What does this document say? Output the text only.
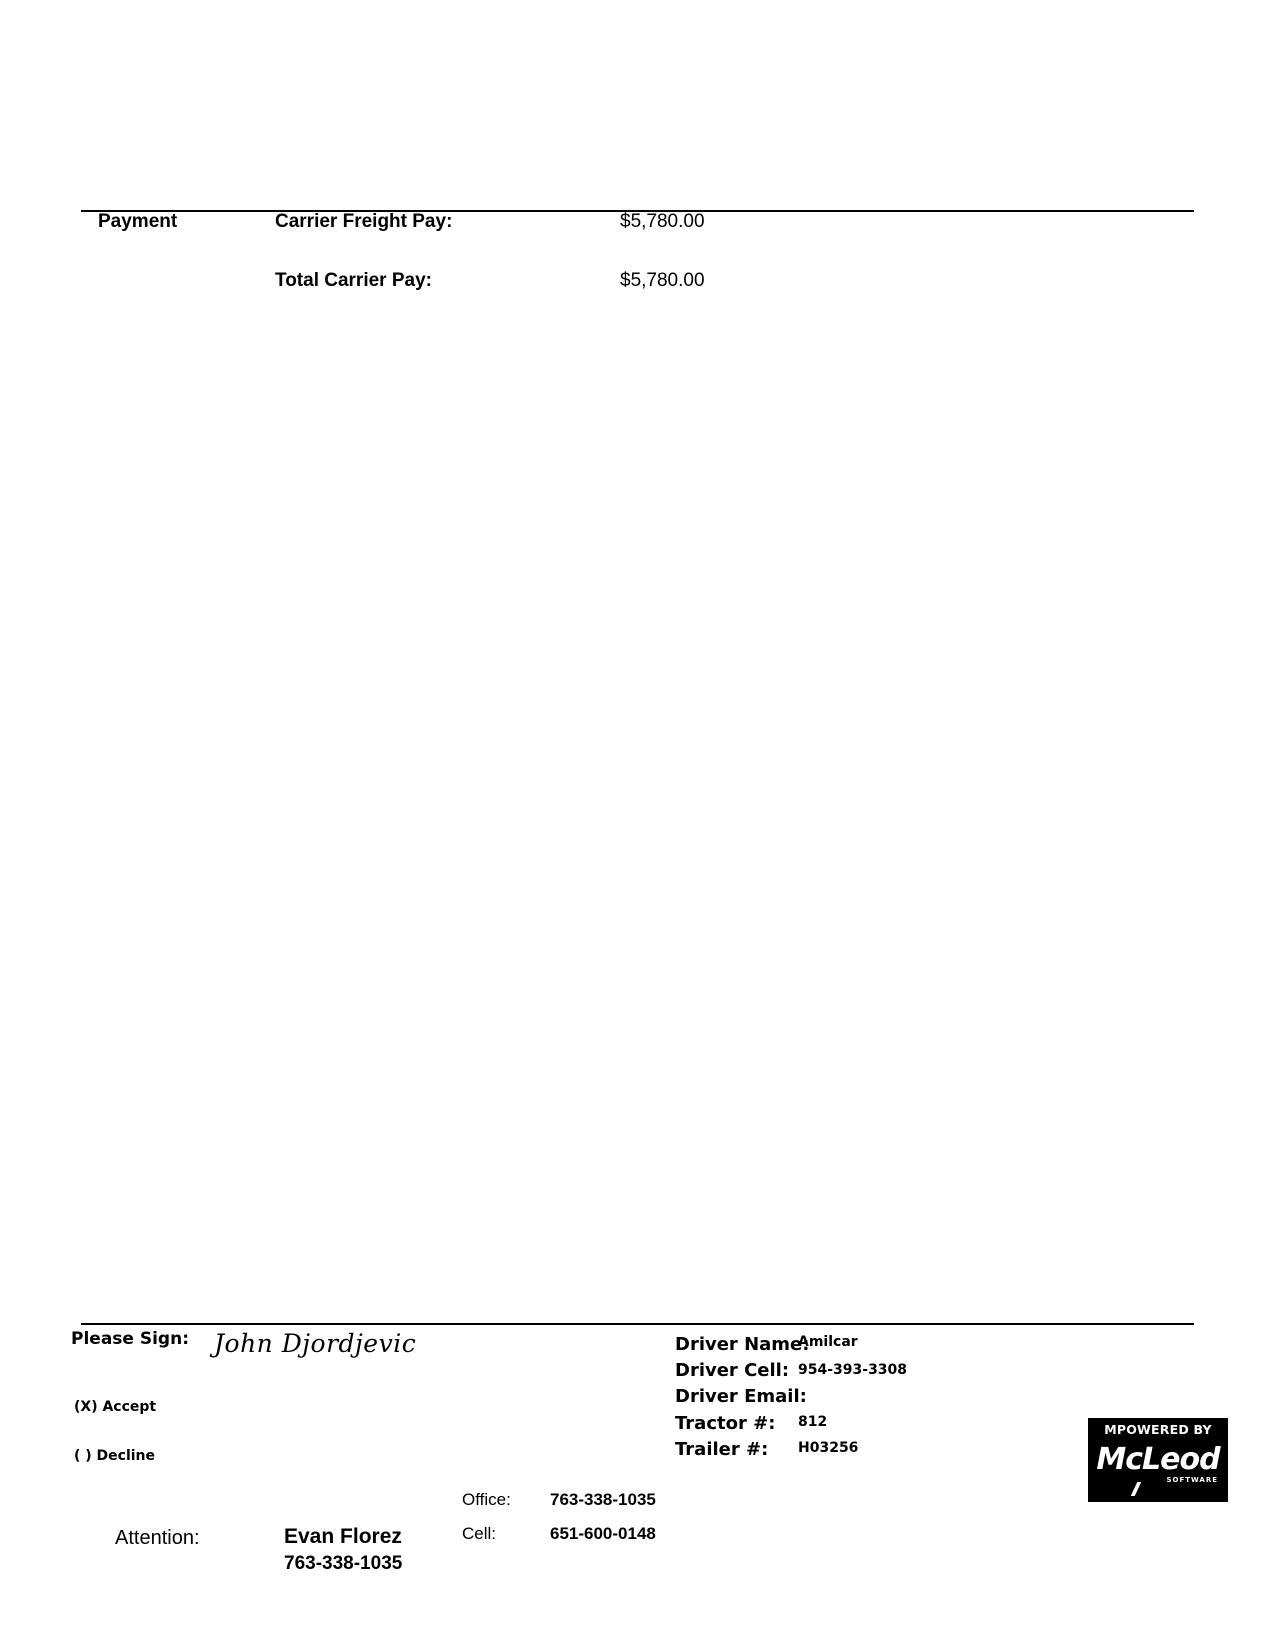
Payment	Carrier Freight Pay:	$5,780.00
Total Carrier Pay:	$5,780.00
Please Sign: John Djordjevic
(X) Accept
( ) Decline
Driver Name:
Amilcar
Driver Cell: 954-393-3308
Driver Email:
Tractor #: 812
Trailer #: H03256
MPOWERED BY
McLeod
SOFTWARE
Office: 763-338-1035
Cell:	651-600-0148
Attention:	Evan Florez
763-338-1035
